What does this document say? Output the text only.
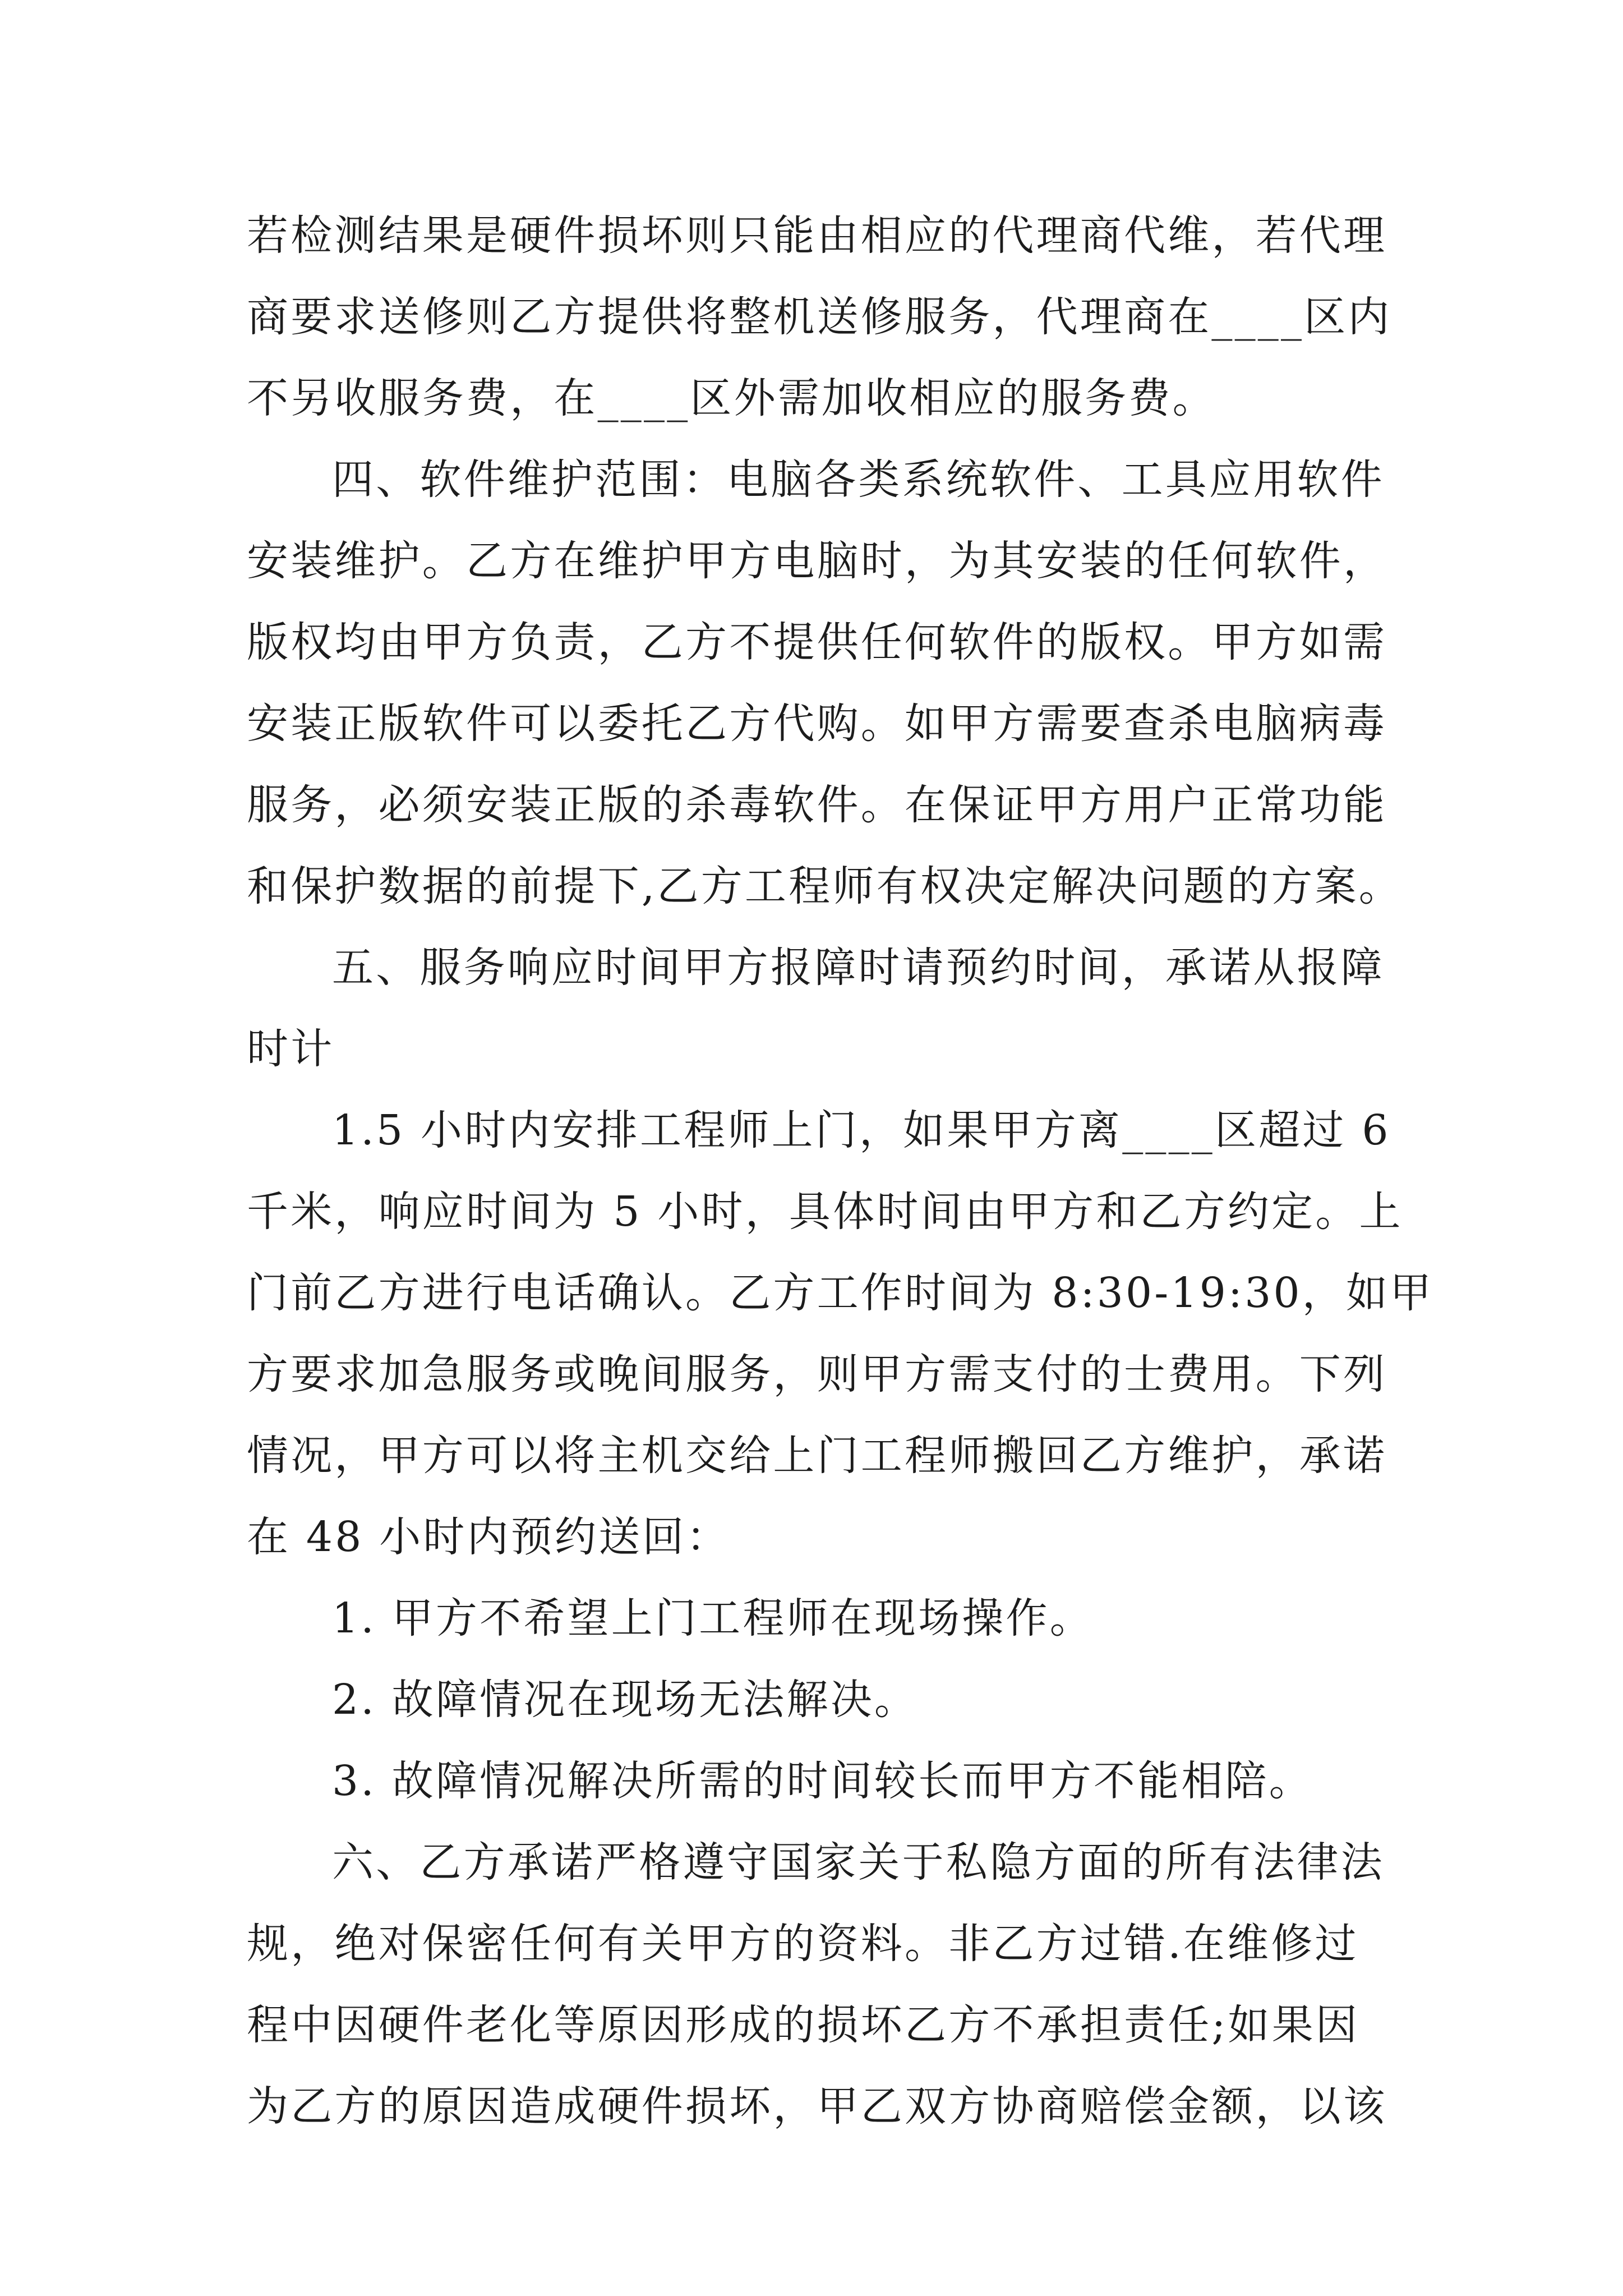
若检测结果是硬件损坏则只能由相应的代理商代维，若代理
商要求送修则乙方提供将整机送修服务，代理商在____区内
不另收服务费，在____区外需加收相应的服务费。
四、软件维护范围：电脑各类系统软件、工具应用软件
安装维护。乙方在维护甲方电脑时，为其安装的任何软件，
版权均由甲方负责，乙方不提供任何软件的版权。甲方如需
安装正版软件可以委托乙方代购。如甲方需要查杀电脑病毒
服务，必须安装正版的杀毒软件。在保证甲方用户正常功能
和保护数据的前提下,乙方工程师有权决定解决问题的方案。
五、服务响应时间甲方报障时请预约时间，承诺从报障
时计
1.5 小时内安排工程师上门，如果甲方离____区超过 6
千米，响应时间为 5 小时，具体时间由甲方和乙方约定。上
门前乙方进行电话确认。乙方工作时间为 8:30-19:30，如甲
方要求加急服务或晚间服务，则甲方需支付的士费用。下列
情况，甲方可以将主机交给上门工程师搬回乙方维护，承诺
在 48 小时内预约送回：
1. 甲方不希望上门工程师在现场操作。
2. 故障情况在现场无法解决。
3. 故障情况解决所需的时间较长而甲方不能相陪。
六、乙方承诺严格遵守国家关于私隐方面的所有法律法
规，绝对保密任何有关甲方的资料。非乙方过错.在维修过
程中因硬件老化等原因形成的损坏乙方不承担责任;如果因
为乙方的原因造成硬件损坏，甲乙双方协商赔偿金额，以该
